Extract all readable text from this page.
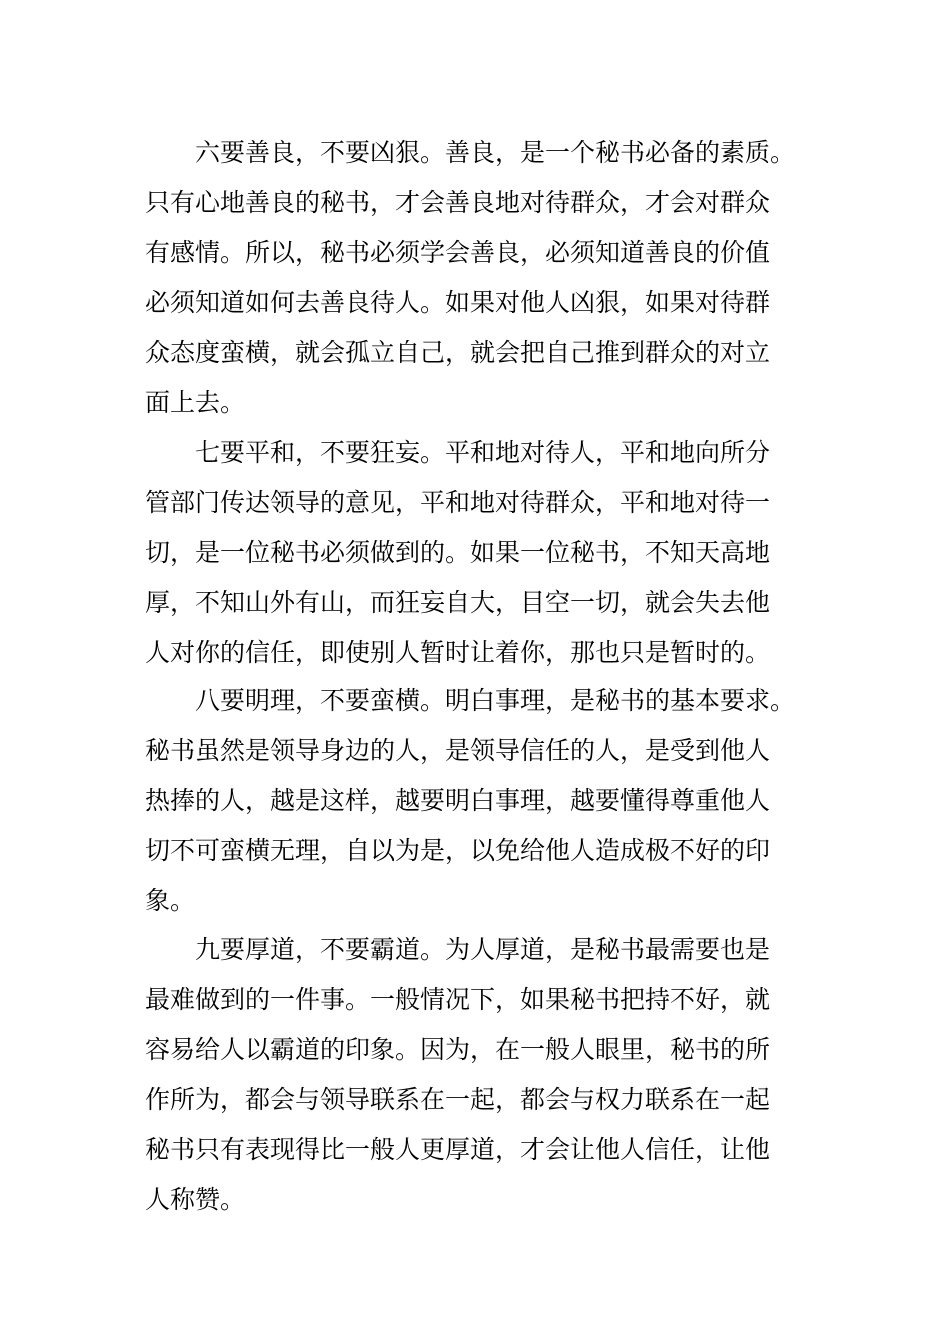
六要善良，不要凶狠。善良，是一个秘书必备的素质。
只有心地善良的秘书，才会善良地对待群众，才会对群众
有感情。所以，秘书必须学会善良，必须知道善良的价值
必须知道如何去善良待人。如果对他人凶狠，如果对待群
众态度蛮横，就会孤立自己，就会把自己推到群众的对立
面上去。
七要平和，不要狂妄。平和地对待人，平和地向所分
管部门传达领导的意见，平和地对待群众，平和地对待一
切，是一位秘书必须做到的。如果一位秘书，不知天高地
厚，不知山外有山，而狂妄自大，目空一切，就会失去他
人对你的信任，即使别人暂时让着你，那也只是暂时的。
八要明理，不要蛮横。明白事理，是秘书的基本要求。
秘书虽然是领导身边的人，是领导信任的人，是受到他人
热捧的人，越是这样，越要明白事理，越要懂得尊重他人
切不可蛮横无理，自以为是，以免给他人造成极不好的印
象。
九要厚道，不要霸道。为人厚道，是秘书最需要也是
最难做到的一件事。一般情况下，如果秘书把持不好，就
容易给人以霸道的印象。因为，在一般人眼里，秘书的所
作所为，都会与领导联系在一起，都会与权力联系在一起
秘书只有表现得比一般人更厚道，才会让他人信任，让他
人称赞。
